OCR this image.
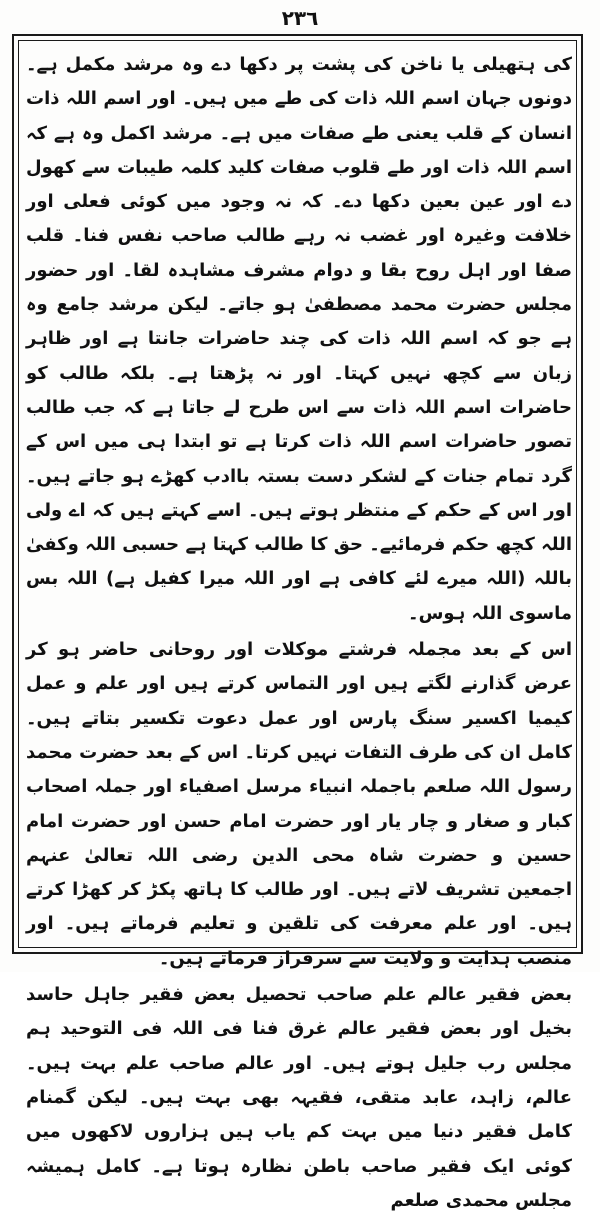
٢٣٦

کی ہتھیلی یا ناخن کی پشت پر دکھا دے وہ مرشد مکمل ہے۔ دونوں جہان اسم اللہ ذات کی طے میں ہیں۔ اور اسم اللہ ذات انسان کے قلب یعنی طے صفات میں ہے۔ مرشد اکمل وہ ہے کہ اسم اللہ ذات اور طے قلوب صفات کلید کلمہ طیبات سے کھول دے اور عین بعین دکھا دے۔ کہ نہ وجود میں کوئی فعلی اور خلافت وغیرہ اور غضب نہ رہے طالب صاحب نفس فنا۔ قلب صفا اور اہل روح بقا و دوام مشرف مشاہدہ لقا۔ اور حضور مجلس حضرت محمد مصطفیٰ ہو جاتے۔ لیکن مرشد جامع وہ ہے جو کہ اسم اللہ ذات کی چند حاضرات جانتا ہے اور ظاہر زبان سے کچھ نہیں کہتا۔ اور نہ پڑھتا ہے۔ بلکہ طالب کو حاضرات اسم اللہ ذات سے اس طرح لے جاتا ہے کہ جب طالب تصور حاضرات اسم اللہ ذات کرتا ہے تو ابتدا ہی میں اس کے گرد تمام جنات کے لشکر دست بستہ باادب کھڑے ہو جاتے ہیں۔ اور اس کے حکم کے منتظر ہوتے ہیں۔ اسے کہتے ہیں کہ اے ولی اللہ کچھ حکم فرمائیے۔ حق کا طالب کہتا ہے حسبی اللہ وکفیٰ باللہ (اللہ میرے لئے کافی ہے اور اللہ میرا کفیل ہے) اللہ بس ماسوی اللہ ہوس۔

اس کے بعد مجملہ فرشتے موکلات اور روحانی حاضر ہو کر عرض گذارنے لگتے ہیں اور التماس کرتے ہیں اور علم و عمل کیمیا اکسیر سنگ پارس اور عمل دعوت تکسیر بتاتے ہیں۔ کامل ان کی طرف التفات نہیں کرتا۔ اس کے بعد حضرت محمد رسول اللہ صلعم باجملہ انبیاء مرسل اصفیاء اور جملہ اصحاب کبار و صغار و چار یار اور حضرت امام حسن اور حضرت امام حسین و حضرت شاہ محی الدین رضی اللہ تعالیٰ عنہم اجمعین تشریف لاتے ہیں۔ اور طالب کا ہاتھ پکڑ کر کھڑا کرتے ہیں۔ اور علم معرفت کی تلقین و تعلیم فرماتے ہیں۔ اور منصب ہدایت و ولایت سے سرفراز فرماتے ہیں۔

بعض فقیر عالم علم صاحب تحصیل بعض فقیر جاہل حاسد بخیل اور بعض فقیر عالم غرق فنا فی اللہ فی التوحید ہم مجلس رب جلیل ہوتے ہیں۔ اور عالم صاحب علم بہت ہیں۔ عالم، زاہد، عابد متقی، فقیہہ بھی بہت ہیں۔ لیکن گمنام کامل فقیر دنیا میں بہت کم یاب ہیں ہزاروں لاکھوں میں کوئی ایک فقیر صاحب باطن نظارہ ہوتا ہے۔ کامل ہمیشہ مجلس محمدی صلعم
